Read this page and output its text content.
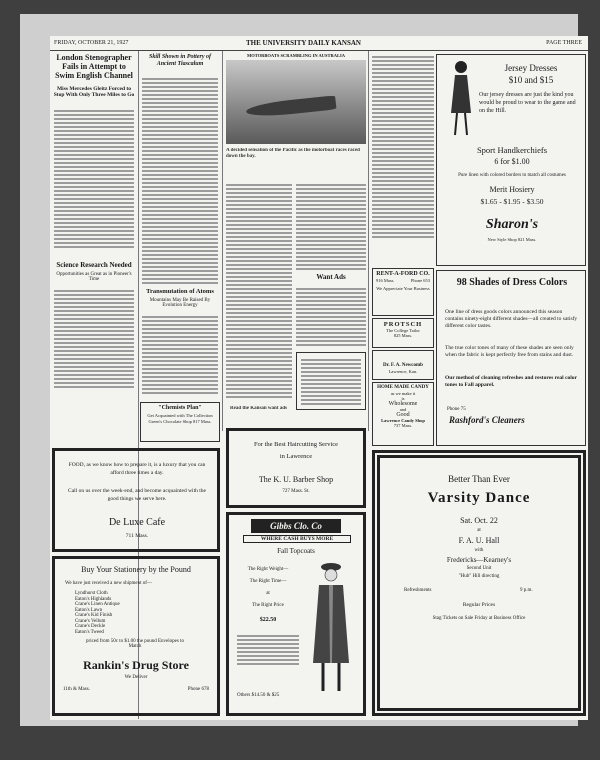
FRIDAY, OCTOBER 21, 1927	THE UNIVERSITY DAILY KANSAN	PAGE THREE
London Stenographer Fails in Attempt to Swim English Channel
Miss Mercedes Gleitz Forced to Stop With Only Three Miles to Go
Science Research Needed
Opportunities as Great as in Pioneer's Time
Skill Shown in Pottery of Ancient Tiascalum
Transmutation of Atoms
Mountains May Be Raised By Evolution Energy
"Chemists Plan"
Get Acquainted with The Collection Green's Chocolate Shop 817 Mass.
MOTORBOATS SCRAMBLING IN AUSTRALIA
A decided sensation of the Pacific as the motorboat races raced down the bay.
Want Ads
Read the Kansan want ads
Jersey Dresses
$10 and $15
Our jersey dresses are just the kind you would be proud to wear to the game and on the Hill.
Sport Handkerchiefs
6 for $1.00
Pure linen with colored borders to match all costumes
Merit Hosiery
$1.65 - $1.95 - $3.50
Sharon's
New Style Shop 821 Mass.
RENT-A-FORD CO.
916 Mass.	Phone 653
We Appreciate Your Business
PROTSCH
The College Tailor
825 Mass.
Dr. F. A. Newcomb
Lawrence, Kan.
HOME MADE CANDY
as we make it
is
Wholesome
and
Good
Lawrence Candy Shop
737 Mass.
98 Shades of Dress Colors
One line of dress goods colors announced this season contains ninety-eight different shades—all created to satisfy different color tastes.
The true color tones of many of these shades are seen only when the fabric is kept perfectly free from stains and dust.
Our method of cleaning refreshes and restores real color tones to Fall apparel.
Phone 75
Rashford's Cleaners
FOOD, as we know how to prepare it, is a luxury that you can afford three times a day.
Call on us over the week-end, and become acquainted with the good things we serve here.
De Luxe Cafe
711 Mass.
Buy Your Stationery by the Pound
We have just received a new shipment of—
Lyndhurst Cloth
Eaton's Highlands
Crane's Linen Antique
Eaton's Lawn
Crane's Kid Finish
Crane's Vellum
Crane's Deckle
Eaton's Tweed
priced from 50c to $1.00 the pound Envelopes to Match
Rankin's Drug Store
We Deliver
11th & Mass.	Phone 678
For the Best Haircutting Service
in Lawrence
The K. U. Barber Shop
727 Mass. St.
Gibbs Clo. Co
WHERE CASH BUYS MORE
Fall Topcoats
The Right Weight—
The Right Time—
at
The Right Price
$22.50
Others $14.50 & $25
Better Than Ever
Varsity Dance
Sat. Oct. 22
at
F. A. U. Hall
with
Fredericks—Kearney's
Second Unit
"Hub" Hill directing
Refreshments	9 p.m.
Regular Prices
Stag Tickets on Sale Friday at Business Office
